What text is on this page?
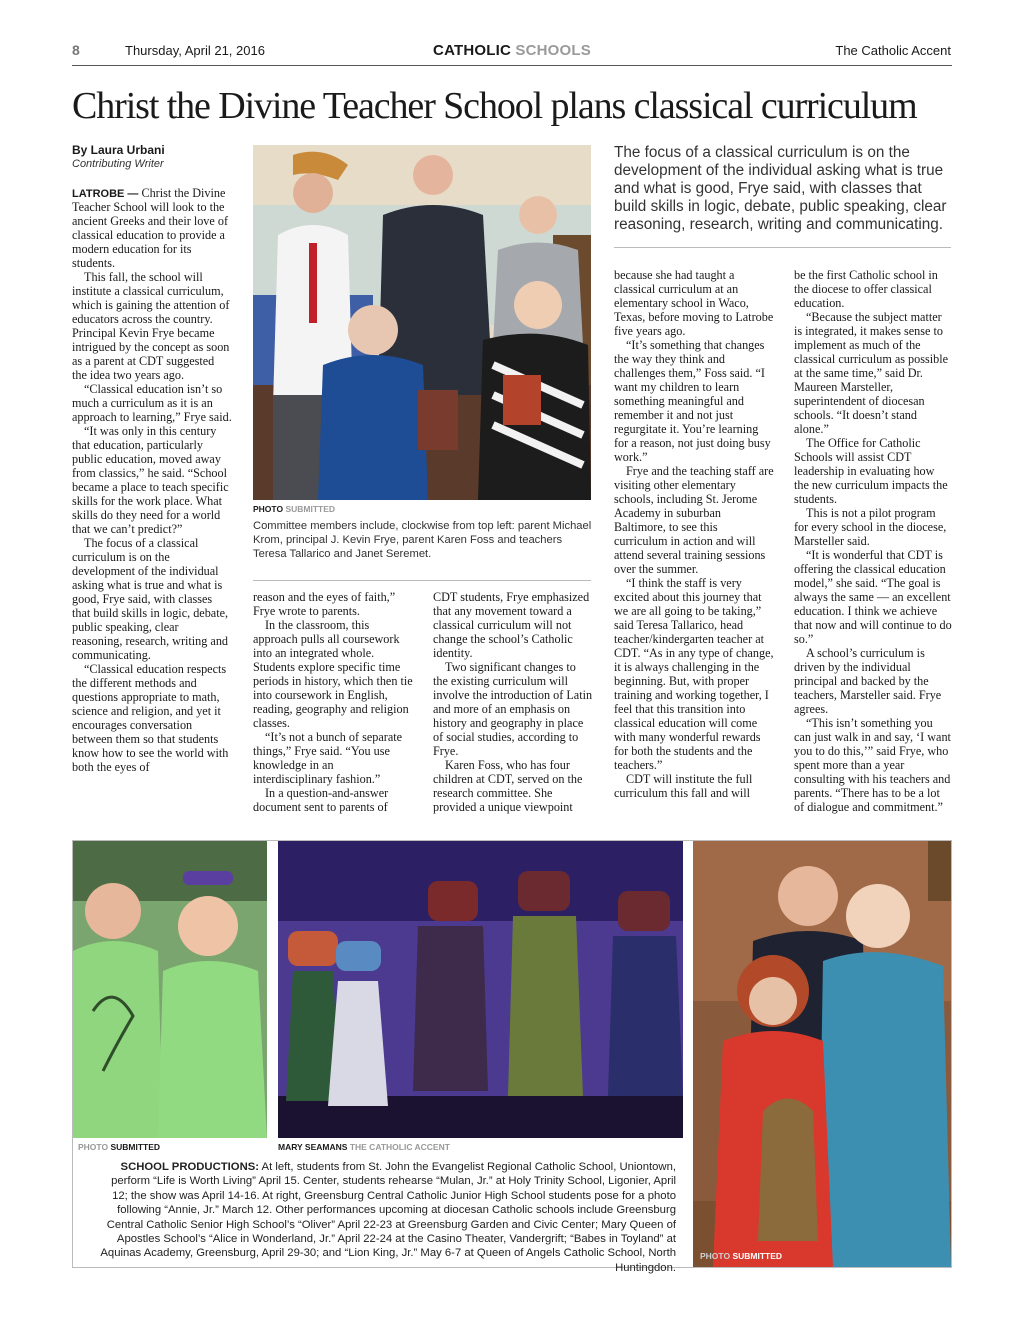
8	Thursday, April 21, 2016	CATHOLIC SCHOOLS	The Catholic Accent
Christ the Divine Teacher School plans classical curriculum
By Laura Urbani
Contributing Writer

LATROBE — Christ the Divine Teacher School will look to the ancient Greeks and their love of classical education to provide a modern education for its students.

This fall, the school will institute a classical curriculum, which is gaining the attention of educators across the country. Principal Kevin Frye became intrigued by the concept as soon as a parent at CDT suggested the idea two years ago.

“Classical education isn’t so much a curriculum as it is an approach to learning,” Frye said.

“It was only in this century that education, particularly public education, moved away from classics,” he said. “School became a place to teach specific skills for the work place. What skills do they need for a world that we can’t predict?”

The focus of a classical curriculum is on the development of the individual asking what is true and what is good, Frye said, with classes that build skills in logic, debate, public speaking, clear reasoning, research, writing and communicating.

“Classical education respects the different methods and questions appropriate to math, science and religion, and yet it encourages conversation between them so that students know how to see the world with both the eyes of

PHOTO SUBMITTED
Committee members include, clockwise from top left: parent Michael Krom, principal J. Kevin Frye, parent Karen Foss and teachers Teresa Tallarico and Janet Seremet.

reason and the eyes of faith,” Frye wrote to parents.

In the classroom, this approach pulls all coursework into an integrated whole. Students explore specific time periods in history, which then tie into coursework in English, reading, geography and religion classes.

“It’s not a bunch of separate things,” Frye said. “You use knowledge in an interdisciplinary fashion.”

In a question-and-answer document sent to parents of

CDT students, Frye emphasized that any movement toward a classical curriculum will not change the school’s Catholic identity.

Two significant changes to the existing curriculum will involve the introduction of Latin and more of an emphasis on history and geography in place of social studies, according to Frye.

Karen Foss, who has four children at CDT, served on the research committee. She provided a unique viewpoint

The focus of a classical curriculum is on the development of the individual asking what is true and what is good, Frye said, with classes that build skills in logic, debate, public speaking, clear reasoning, research, writing and communicating.

because she had taught a classical curriculum at an elementary school in Waco, Texas, before moving to Latrobe five years ago.

“It’s something that changes the way they think and challenges them,” Foss said. “I want my children to learn something meaningful and remember it and not just regurgitate it. You’re learning for a reason, not just doing busy work.”

Frye and the teaching staff are visiting other elementary schools, including St. Jerome Academy in suburban Baltimore, to see this curriculum in action and will attend several training sessions over the summer.

“I think the staff is very excited about this journey that we are all going to be taking,” said Teresa Tallarico, head teacher/kindergarten teacher at CDT. “As in any type of change, it is always challenging in the beginning. But, with proper training and working together, I feel that this transition into classical education will come with many wonderful rewards for both the students and the teachers.”

CDT will institute the full curriculum this fall and will

be the first Catholic school in the diocese to offer classical education.

“Because the subject matter is integrated, it makes sense to implement as much of the classical curriculum as possible at the same time,” said Dr. Maureen Marsteller, superintendent of diocesan schools. “It doesn’t stand alone.”

The Office for Catholic Schools will assist CDT leadership in evaluating how the new curriculum impacts the students.

This is not a pilot program for every school in the diocese, Marsteller said.

“It is wonderful that CDT is offering the classical education model,” she said. “The goal is always the same — an excellent education. I think we achieve that now and will continue to do so.”

A school’s curriculum is driven by the individual principal and backed by the teachers, Marsteller said. Frye agrees.

“This isn’t something you can just walk in and say, ‘I want you to do this,’” said Frye, who spent more than a year consulting with his teachers and parents. “There has to be a lot of dialogue and commitment.”

PHOTO SUBMITTED	MARY SEAMANS THE CATHOLIC ACCENT
PHOTO SUBMITTED
SCHOOL PRODUCTIONS: At left, students from St. John the Evangelist Regional Catholic School, Uniontown, perform “Life is Worth Living” April 15. Center, students rehearse “Mulan, Jr.” at Holy Trinity School, Ligonier, April 12; the show was April 14-16. At right, Greensburg Central Catholic Junior High School students pose for a photo following “Annie, Jr.” March 12. Other performances upcoming at diocesan Catholic schools include Greensburg Central Catholic Senior High School’s “Oliver” April 22-23 at Greensburg Garden and Civic Center; Mary Queen of Apostles School’s “Alice in Wonderland, Jr.” April 22-24 at the Casino Theater, Vandergrift; “Babes in Toyland” at Aquinas Academy, Greensburg, April 29-30; and “Lion King, Jr.” May 6-7 at Queen of Angels Catholic School, North Huntingdon.
